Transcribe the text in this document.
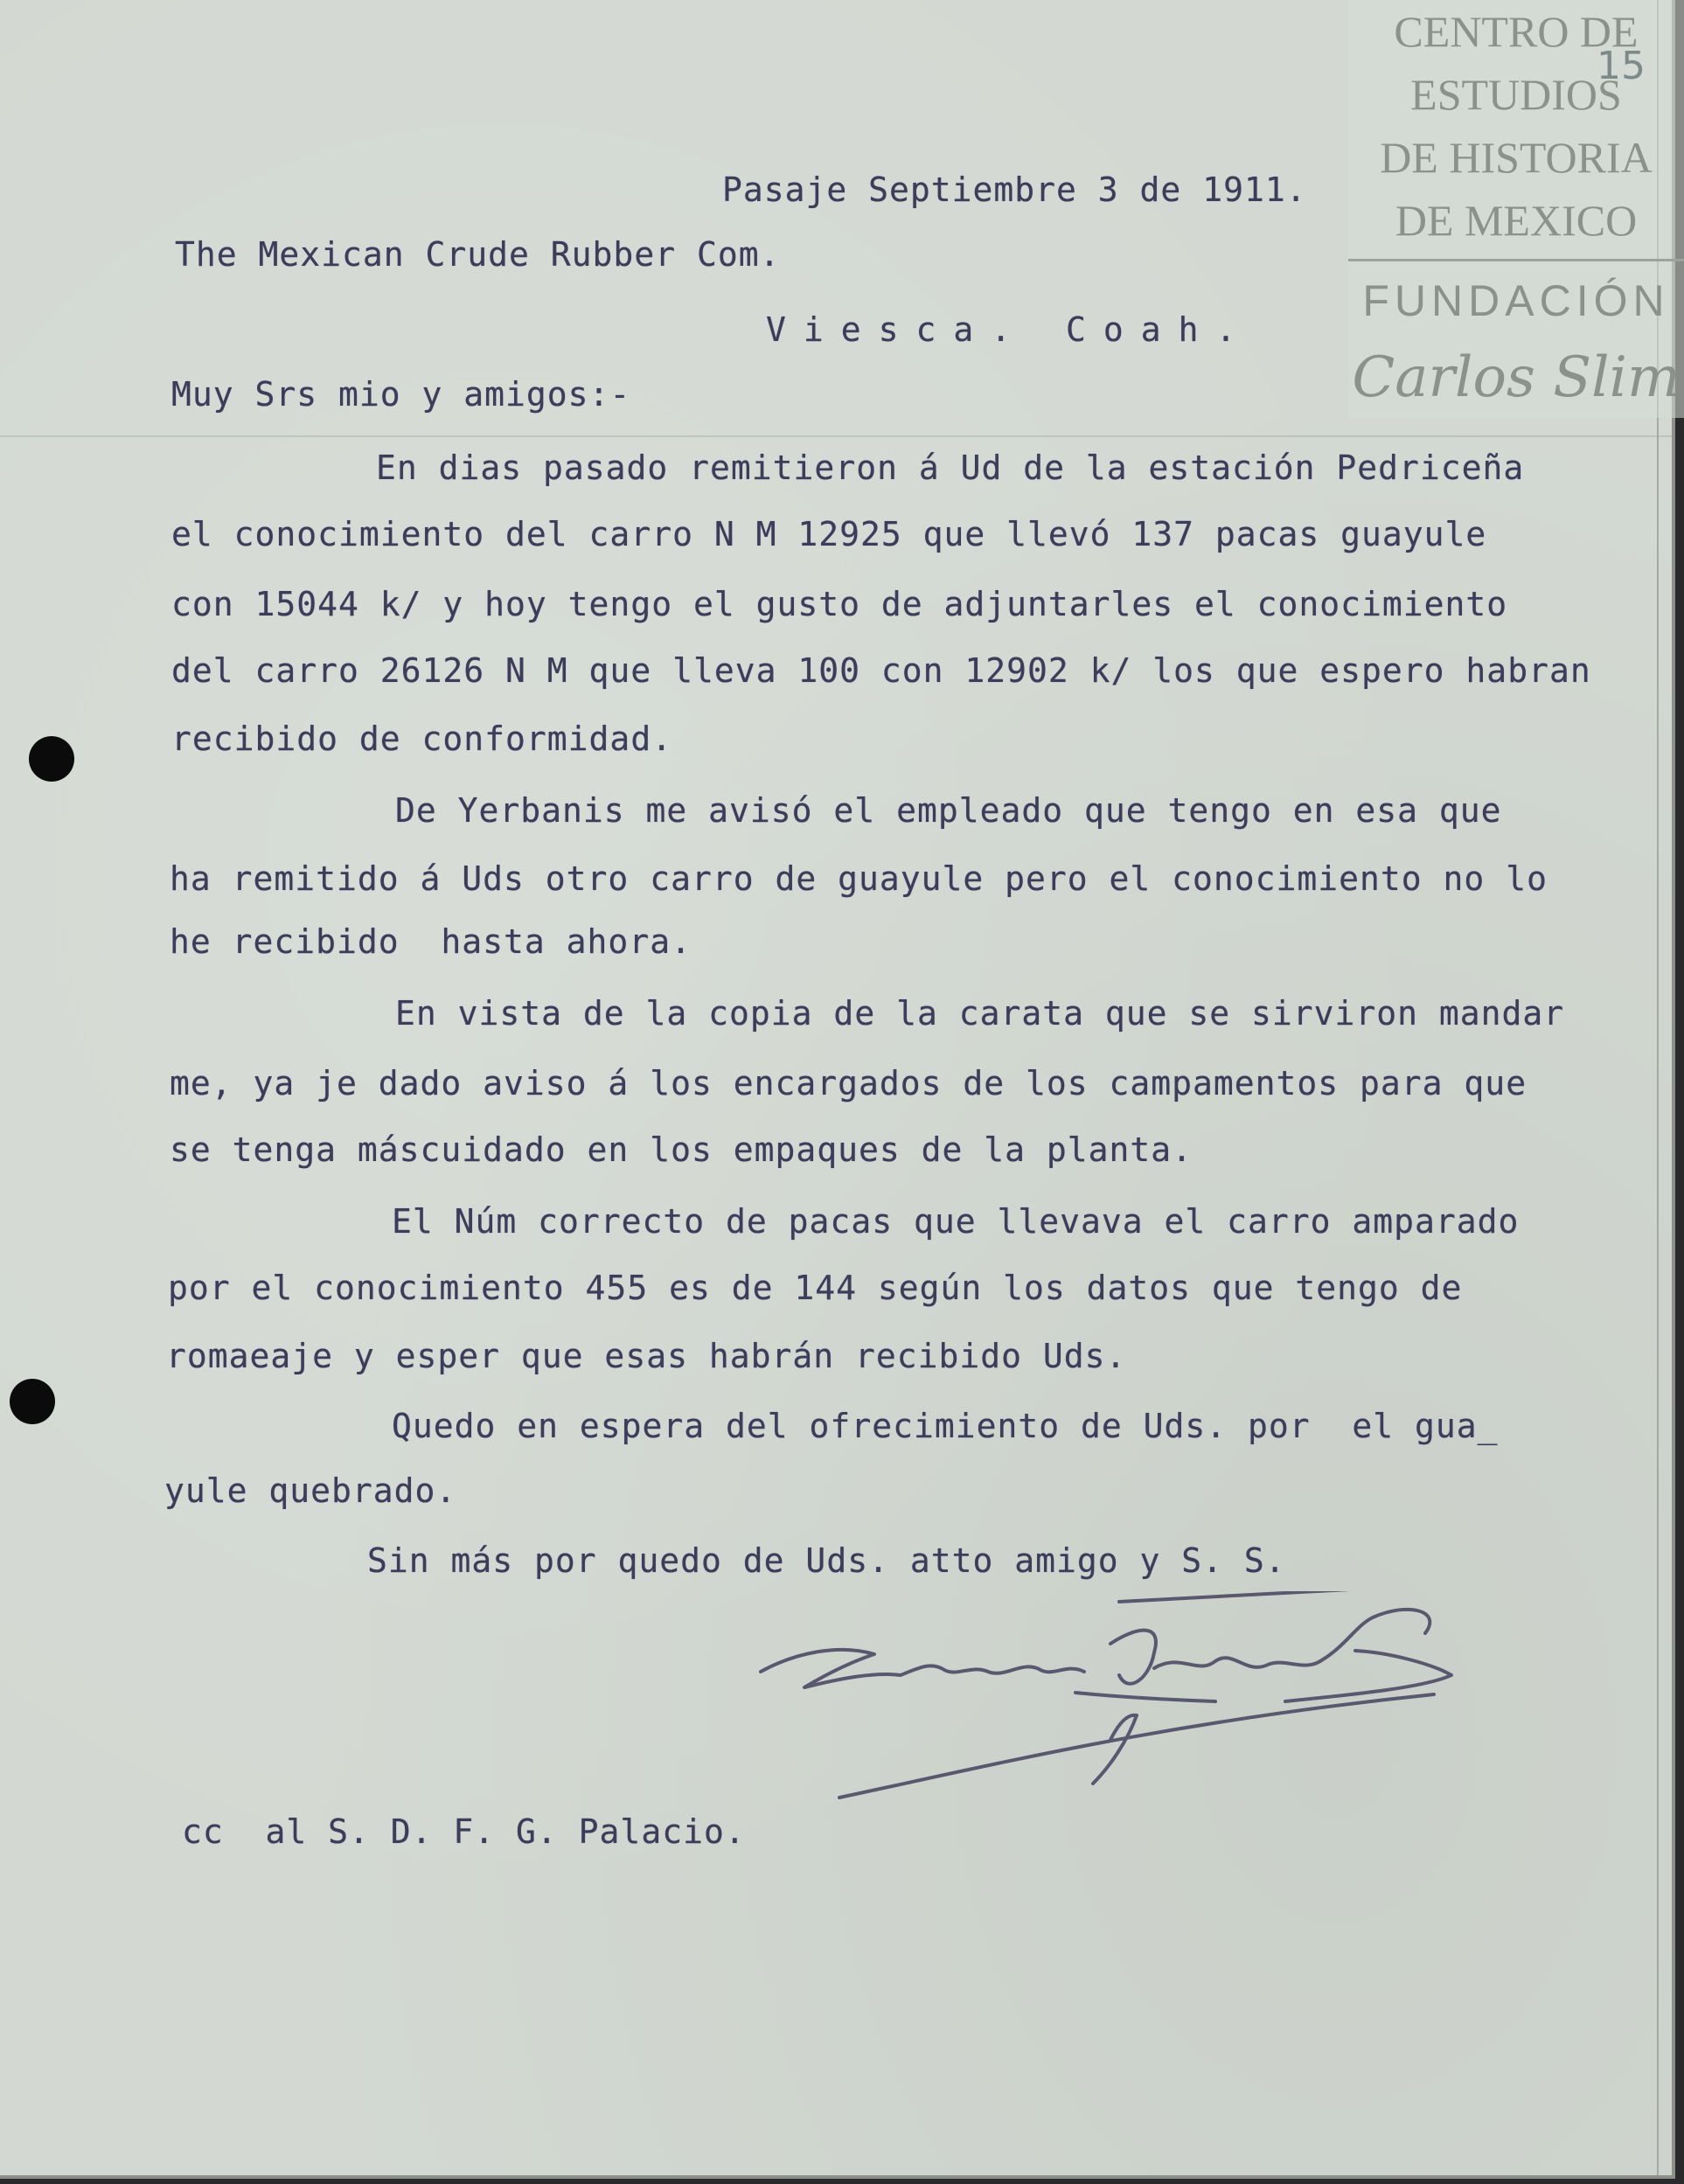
CENTRO DE
ESTUDIOS
DE HISTORIA
DE MEXICO
FUNDACIÓN
Carlos Slim
15
Pasaje Septiembre 3 de 1911.
The Mexican Crude Rubber Com.
Viesca. Coah.
Muy Srs mio y amigos:-
En dias pasado remitieron á Ud de la estación Pedriceña
el conocimiento del carro N M 12925 que llevó 137 pacas guayule
con 15044 k/ y hoy tengo el gusto de adjuntarles el conocimiento
del carro 26126 N M que lleva 100 con 12902 k/ los que espero habran
recibido de conformidad.
De Yerbanis me avisó el empleado que tengo en esa que
ha remitido á Uds otro carro de guayule pero el conocimiento no lo
he recibido  hasta ahora.
En vista de la copia de la carata que se sirviron mandar
me, ya je dado aviso á los encargados de los campamentos para que
se tenga máscuidado en los empaques de la planta.
El Núm correcto de pacas que llevava el carro amparado
por el conocimiento 455 es de 144 según los datos que tengo de
romaeaje y esper que esas habrán recibido Uds.
Quedo en espera del ofrecimiento de Uds. por  el gua_
yule quebrado.
Sin más por quedo de Uds. atto amigo y S. S.
cc  al S. D. F. G. Palacio.
